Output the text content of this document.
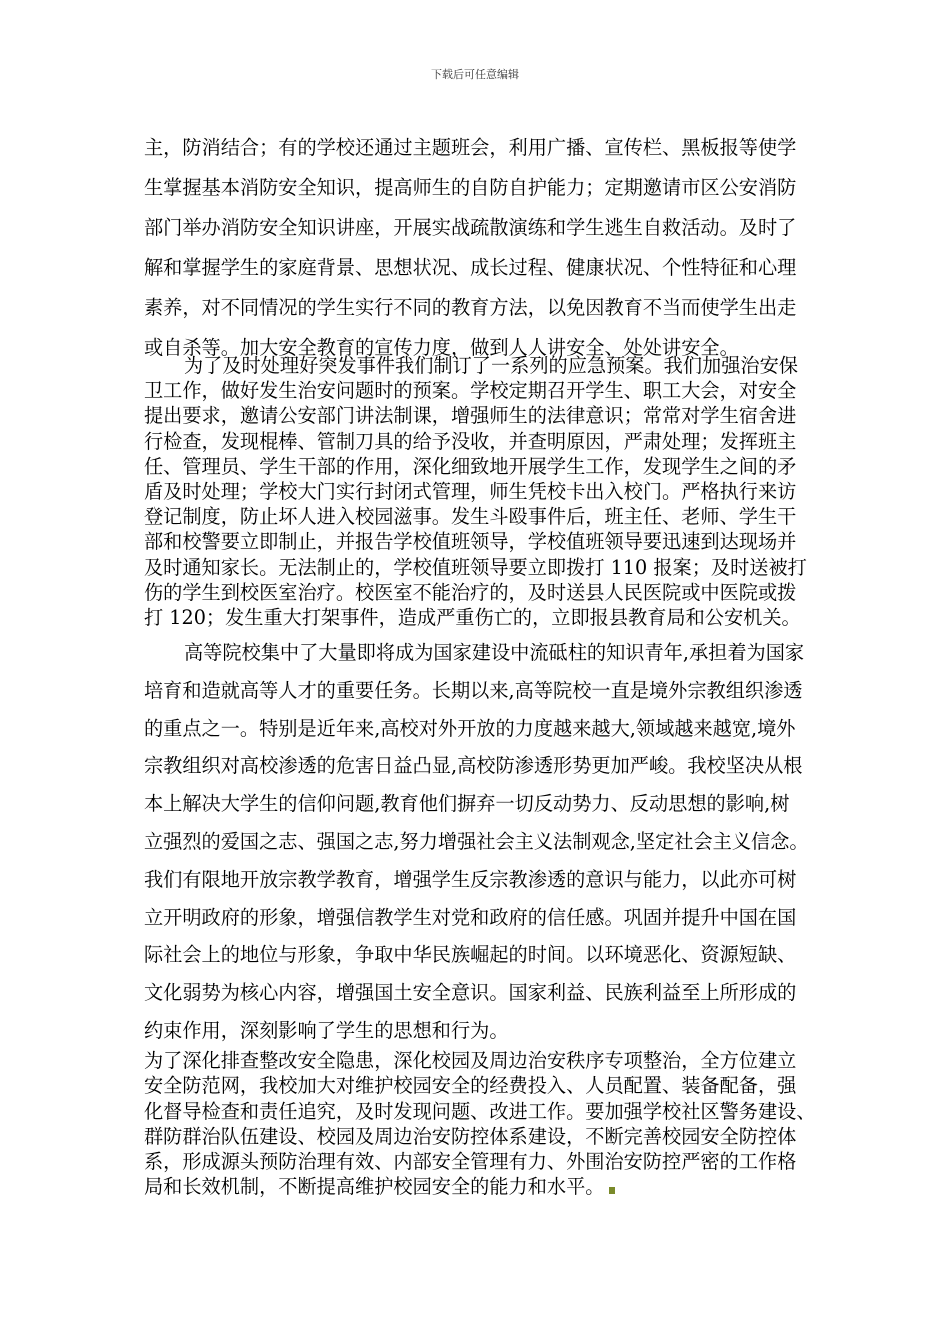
下载后可任意编辑
主，防消结合；有的学校还通过主题班会，利用广播、宣传栏、黑板报等使学
生掌握基本消防安全知识，提高师生的自防自护能力；定期邀请市区公安消防
部门举办消防安全知识讲座，开展实战疏散演练和学生逃生自救活动。及时了
解和掌握学生的家庭背景、思想状况、成长过程、健康状况、个性特征和心理
素养，对不同情况的学生实行不同的教育方法，以免因教育不当而使学生出走
或自杀等。加大安全教育的宣传力度，做到人人讲安全、处处讲安全。
为了及时处理好突发事件我们制订了一系列的应急预案。我们加强治安保
卫工作，做好发生治安问题时的预案。学校定期召开学生、职工大会，对安全
提出要求，邀请公安部门讲法制课，增强师生的法律意识；常常对学生宿舍进
行检查，发现棍棒、管制刀具的给予没收，并查明原因，严肃处理；发挥班主
任、管理员、学生干部的作用，深化细致地开展学生工作，发现学生之间的矛
盾及时处理；学校大门实行封闭式管理，师生凭校卡出入校门。严格执行来访
登记制度，防止坏人进入校园滋事。发生斗殴事件后，班主任、老师、学生干
部和校警要立即制止，并报告学校值班领导，学校值班领导要迅速到达现场并
及时通知家长。无法制止的，学校值班领导要立即拨打 110 报案；及时送被打
伤的学生到校医室治疗。校医室不能治疗的，及时送县人民医院或中医院或拨
打 120；发生重大打架事件，造成严重伤亡的，立即报县教育局和公安机关。
高等院校集中了大量即将成为国家建设中流砥柱的知识青年,承担着为国家
培育和造就高等人才的重要任务。长期以来,高等院校一直是境外宗教组织渗透
的重点之一。特别是近年来,高校对外开放的力度越来越大,领域越来越宽,境外
宗教组织对高校渗透的危害日益凸显,高校防渗透形势更加严峻。我校坚决从根
本上解决大学生的信仰问题,教育他们摒弃一切反动势力、反动思想的影响,树
立强烈的爱国之志、强国之志,努力增强社会主义法制观念,坚定社会主义信念。
我们有限地开放宗教学教育，增强学生反宗教渗透的意识与能力，以此亦可树
立开明政府的形象，增强信教学生对党和政府的信任感。巩固并提升中国在国
际社会上的地位与形象，争取中华民族崛起的时间。以环境恶化、资源短缺、
文化弱势为核心内容，增强国土安全意识。国家利益、民族利益至上所形成的
约束作用，深刻影响了学生的思想和行为。
为了深化排查整改安全隐患，深化校园及周边治安秩序专项整治，全方位建立
安全防范网，我校加大对维护校园安全的经费投入、人员配置、装备配备，强
化督导检查和责任追究，及时发现问题、改进工作。要加强学校社区警务建设、
群防群治队伍建设、校园及周边治安防控体系建设，不断完善校园安全防控体
系，形成源头预防治理有效、内部安全管理有力、外围治安防控严密的工作格
局和长效机制，不断提高维护校园安全的能力和水平。
